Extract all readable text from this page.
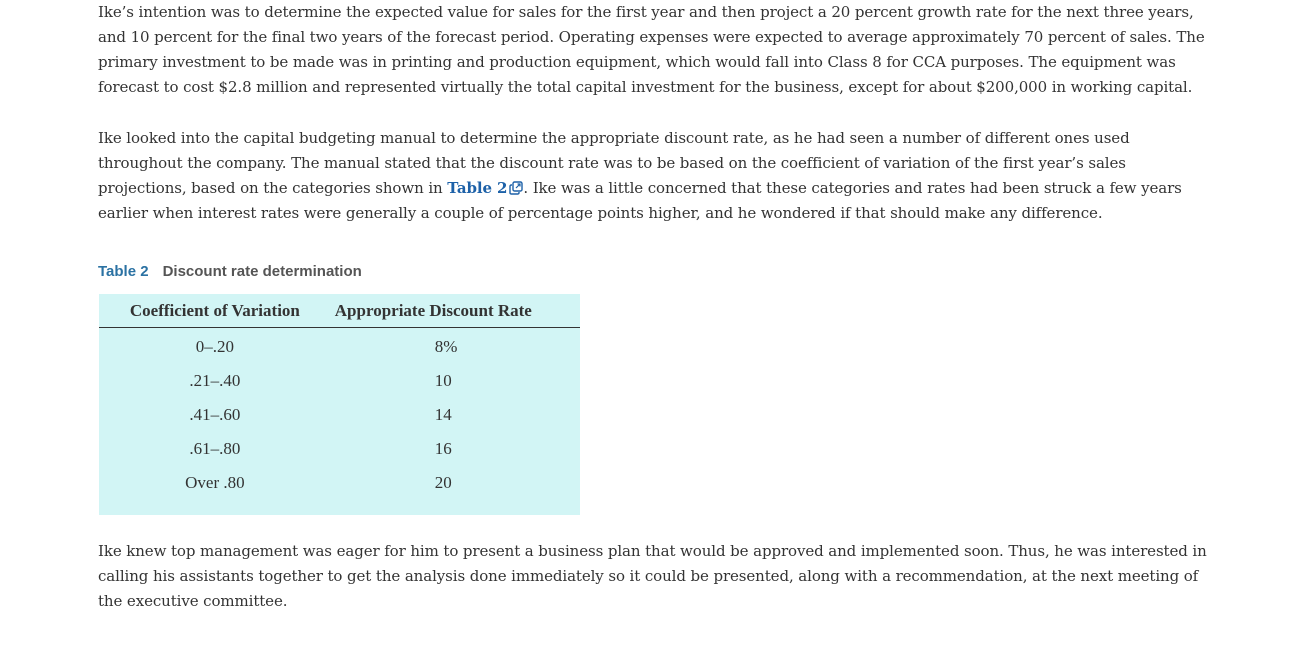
Ike’s intention was to determine the expected value for sales for the first year and then project a 20 percent growth rate for the next three years, and 10 percent for the final two years of the forecast period. Operating expenses were expected to average approximately 70 percent of sales. The primary investment to be made was in printing and production equipment, which would fall into Class 8 for CCA purposes. The equipment was forecast to cost $2.8 million and represented virtually the total capital investment for the business, except for about $200,000 in working capital.

Ike looked into the capital budgeting manual to determine the appropriate discount rate, as he had seen a number of different ones used throughout the company. The manual stated that the discount rate was to be based on the coefficient of variation of the first year’s sales projections, based on the categories shown in Table 2 . Ike was a little concerned that these categories and rates had been struck a few years earlier when interest rates were generally a couple of percentage points higher, and he wondered if that should make any difference.

Table 2 Discount rate determination
Coefficient of Variation	Appropriate Discount Rate
0–.20	8%
.21–.40	10
.41–.60	14
.61–.80	16
Over .80	20

Ike knew top management was eager for him to present a business plan that would be approved and implemented soon. Thus, he was interested in calling his assistants together to get the analysis done immediately so it could be presented, along with a recommendation, at the next meeting of the executive committee.
